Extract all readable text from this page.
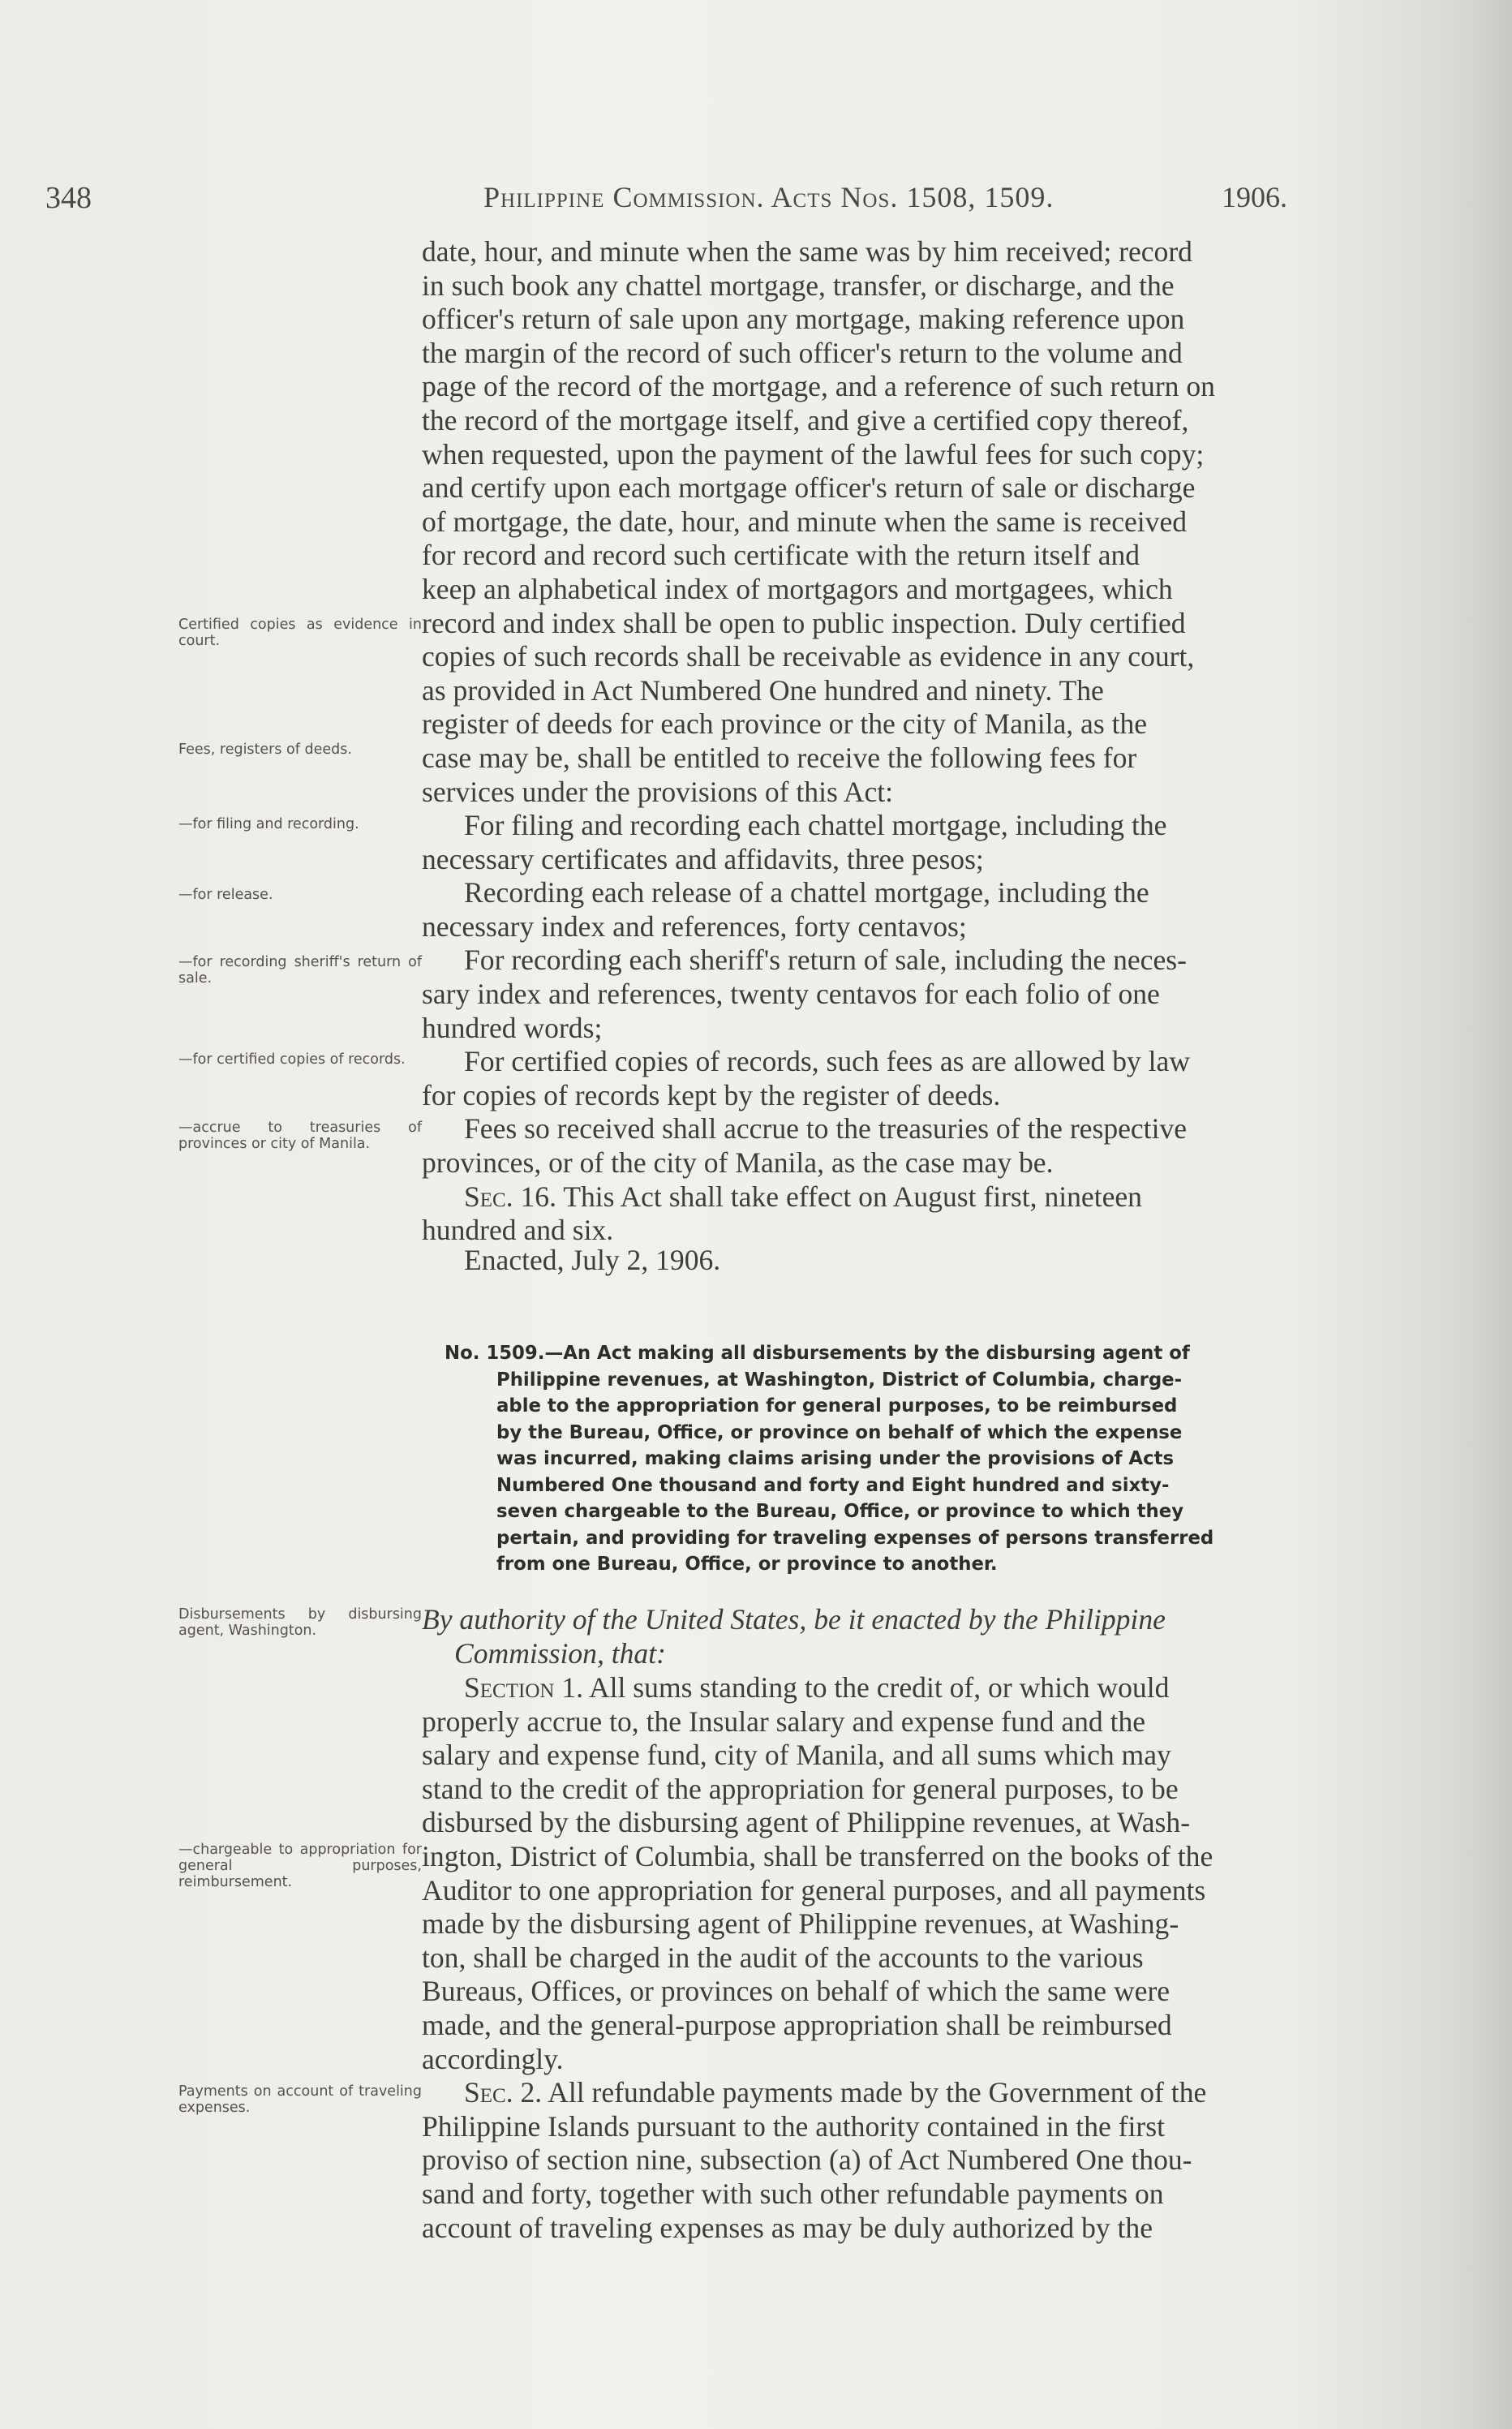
348	Philippine Commission. Acts Nos. 1508, 1509.	1906.

date, hour, and minute when the same was by him received; record

in such book any chattel mortgage, transfer, or discharge, and the

officer's return of sale upon any mortgage, making reference upon

the margin of the record of such officer's return to the volume and

page of the record of the mortgage, and a reference of such return on

the record of the mortgage itself, and give a certified copy thereof,

when requested, upon the payment of the lawful fees for such copy;

and certify upon each mortgage officer's return of sale or discharge

of mortgage, the date, hour, and minute when the same is received

for record and record such certificate with the return itself and

keep an alphabetical index of mortgagors and mortgagees, which

record and index shall be open to public inspection. Duly certified

copies of such records shall be receivable as evidence in any court,

as provided in Act Numbered One hundred and ninety. The

register of deeds for each province or the city of Manila, as the

case may be, shall be entitled to receive the following fees for

services under the provisions of this Act:

For filing and recording each chattel mortgage, including the

necessary certificates and affidavits, three pesos;

Recording each release of a chattel mortgage, including the

necessary index and references, forty centavos;

For recording each sheriff's return of sale, including the neces-

sary index and references, twenty centavos for each folio of one

hundred words;

For certified copies of records, such fees as are allowed by law

for copies of records kept by the register of deeds.

Fees so received shall accrue to the treasuries of the respective

provinces, or of the city of Manila, as the case may be.

Sec. 16. This Act shall take effect on August first, nineteen

hundred and six.

Enacted, July 2, 1906.
Certified copies as evidence in court.
Fees, registers of deeds.
—for filing and recording.
—for release.
—for recording sheriff's return of sale.
—for certified copies of records.
—accrue to treasuries of provinces or city of Manila.
No. 1509.—An Act making all disbursements by the disbursing agent of
Philippine revenues, at Washington, District of Columbia, charge-
able to the appropriation for general purposes, to be reimbursed
by the Bureau, Office, or province on behalf of which the expense
was incurred, making claims arising under the provisions of Acts
Numbered One thousand and forty and Eight hundred and sixty-
seven chargeable to the Bureau, Office, or province to which they
pertain, and providing for traveling expenses of persons transferred
from one Bureau, Office, or province to another.
By authority of the United States, be it enacted by the Philippine
Commission, that:

Section 1. All sums standing to the credit of, or which would

properly accrue to, the Insular salary and expense fund and the

salary and expense fund, city of Manila, and all sums which may

stand to the credit of the appropriation for general purposes, to be

disbursed by the disbursing agent of Philippine revenues, at Wash-

ington, District of Columbia, shall be transferred on the books of the

Auditor to one appropriation for general purposes, and all payments

made by the disbursing agent of Philippine revenues, at Washing-

ton, shall be charged in the audit of the accounts to the various

Bureaus, Offices, or provinces on behalf of which the same were

made, and the general-purpose appropriation shall be reimbursed

accordingly.

Sec. 2. All refundable payments made by the Government of the

Philippine Islands pursuant to the authority contained in the first

proviso of section nine, subsection (a) of Act Numbered One thou-

sand and forty, together with such other refundable payments on

account of traveling expenses as may be duly authorized by the

Disbursements by disbursing agent, Washington.
—chargeable to appropriation for general purposes, reimbursement.
Payments on account of traveling expenses.
